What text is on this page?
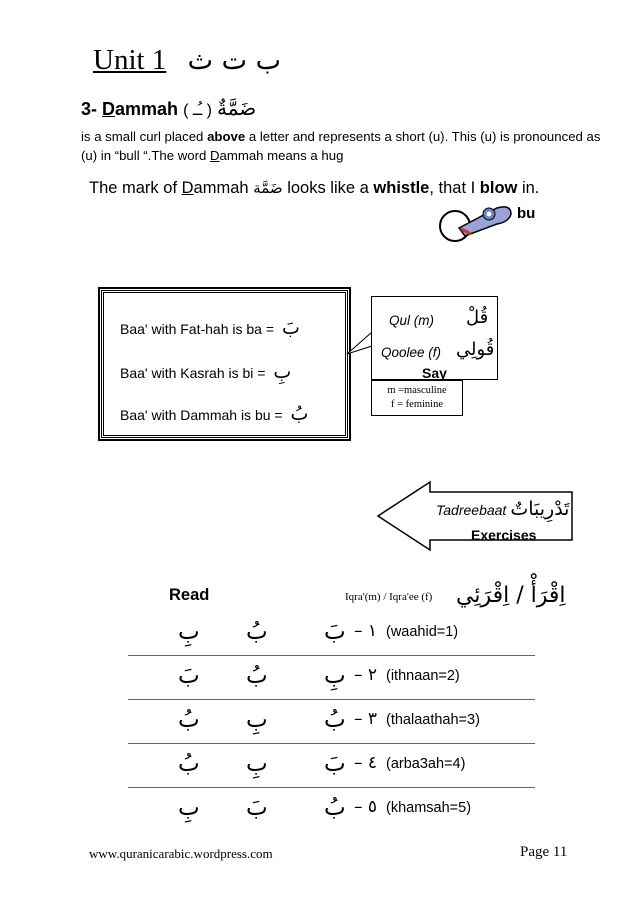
Unit 1 ب ت ث
3- Dammah ضَمَّةٌ ( ـُـ )
is a small curl placed above a letter and represents a short (u). This (u) is pronounced as (u) in “bull “.The word Dammah means a hug
The mark of Dammah ضَمَّة looks like a whistle, that I blow in.
bu
Baa' with Fat-hah is ba = بَ
Baa' with Kasrah is bi = بِ
Baa' with Dammah is bu = بُ
Qul (m) قُلْ
Qoolee (f) قُولِي
Say
m =masculine
f = feminine
Tadreebaat تَدْرِيبَاتٌ
Exercises
Read	Iqra'(m) / Iqra'ee (f) اِقْرَأْ / اِقْرَئِي
بِ بُ بَ ١ – (waahid=1)
بَ بُ بِ ٢ – (ithnaan=2)
بُ بِ بُ ٣ – (thalaathah=3)
بُ بِ بَ ٤ – (arba3ah=4)
بِ بَ بُ ٥ – (khamsah=5)
www.quranicarabic.wordpress.com	Page 11
